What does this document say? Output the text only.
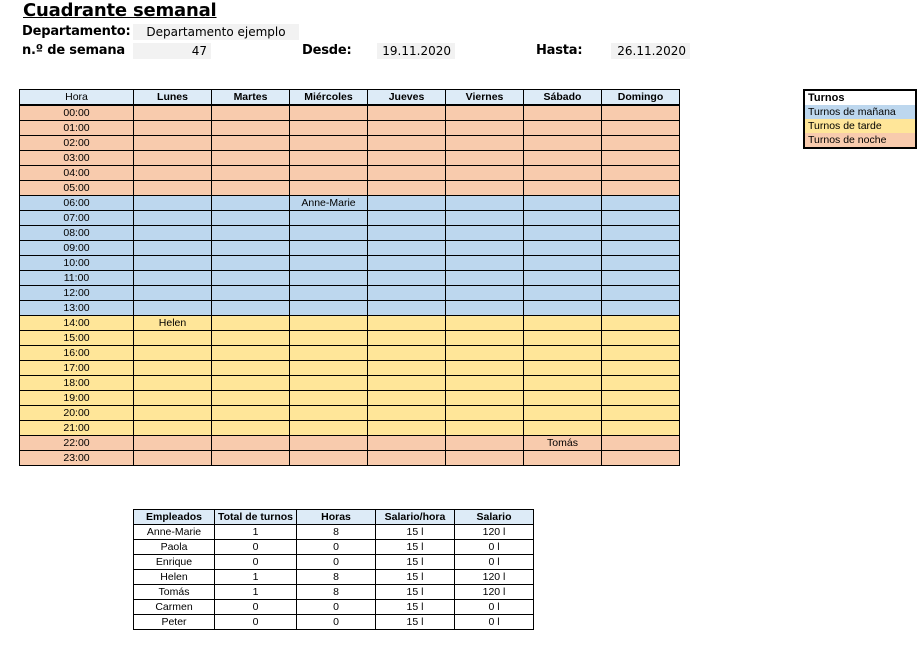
Cuadrante semanal
Departamento:	Departamento ejemplo
n.º de semana	47	Desde:	19.11.2020	Hasta:	26.11.2020
Turnos
Turnos de mañana
Turnos de tarde
Turnos de noche
Hora	Lunes	Martes	Miércoles	Jueves	Viernes	Sábado	Domingo
00:00							
01:00							
02:00							
03:00							
04:00							
05:00							
06:00			Anne-Marie				
07:00							
08:00							
09:00							
10:00							
11:00							
12:00							
13:00							
14:00	Helen						
15:00							
16:00							
17:00							
18:00							
19:00							
20:00							
21:00							
22:00						Tomás	
23:00							
Empleados	Total de turnos	Horas	Salario/hora	Salario
Anne-Marie	1	8	15 l	120 l
Paola	0	0	15 l	0 l
Enrique	0	0	15 l	0 l
Helen	1	8	15 l	120 l
Tomás	1	8	15 l	120 l
Carmen	0	0	15 l	0 l
Peter	0	0	15 l	0 l
